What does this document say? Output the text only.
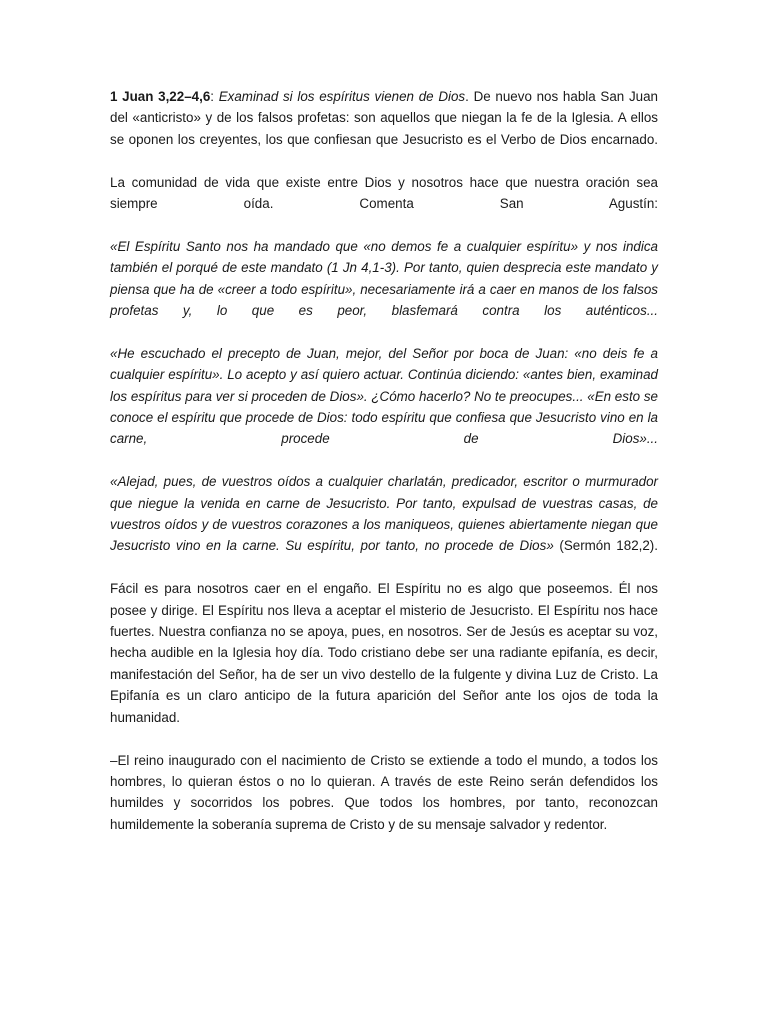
1 Juan 3,22–4,6: Examinad si los espíritus vienen de Dios. De nuevo nos habla San Juan del «anticristo» y de los falsos profetas: son aquellos que niegan la fe de la Iglesia. A ellos se oponen los creyentes, los que confiesan que Jesucristo es el Verbo de Dios encarnado.

La comunidad de vida que existe entre Dios y nosotros hace que nuestra oración sea siempre oída. Comenta San Agustín:

«El Espíritu Santo nos ha mandado que «no demos fe a cualquier espíritu» y nos indica también el porqué de este mandato (1 Jn 4,1-3). Por tanto, quien desprecia este mandato y piensa que ha de «creer a todo espíritu», necesariamente irá a caer en manos de los falsos profetas y, lo que es peor, blasfemará contra los auténticos...

«He escuchado el precepto de Juan, mejor, del Señor por boca de Juan: «no deis fe a cualquier espíritu». Lo acepto y así quiero actuar. Continúa diciendo: «antes bien, examinad los espíritus para ver si proceden de Dios». ¿Cómo hacerlo? No te preocupes... «En esto se conoce el espíritu que procede de Dios: todo espíritu que confiesa que Jesucristo vino en la carne, procede de Dios»...

«Alejad, pues, de vuestros oídos a cualquier charlatán, predicador, escritor o murmurador que niegue la venida en carne de Jesucristo. Por tanto, expulsad de vuestras casas, de vuestros oídos y de vuestros corazones a los maniqueos, quienes abiertamente niegan que Jesucristo vino en la carne. Su espíritu, por tanto, no procede de Dios» (Sermón 182,2).

Fácil es para nosotros caer en el engaño. El Espíritu no es algo que poseemos. Él nos posee y dirige. El Espíritu nos lleva a aceptar el misterio de Jesucristo. El Espíritu nos hace fuertes. Nuestra confianza no se apoya, pues, en nosotros. Ser de Jesús es aceptar su voz, hecha audible en la Iglesia hoy día. Todo cristiano debe ser una radiante epifanía, es decir, manifestación del Señor, ha de ser un vivo destello de la fulgente y divina Luz de Cristo. La Epifanía es un claro anticipo de la futura aparición del Señor ante los ojos de toda la humanidad.

–El reino inaugurado con el nacimiento de Cristo se extiende a todo el mundo, a todos los hombres, lo quieran éstos o no lo quieran. A través de este Reino serán defendidos los humildes y socorridos los pobres. Que todos los hombres, por tanto, reconozcan humildemente la soberanía suprema de Cristo y de su mensaje salvador y redentor.
